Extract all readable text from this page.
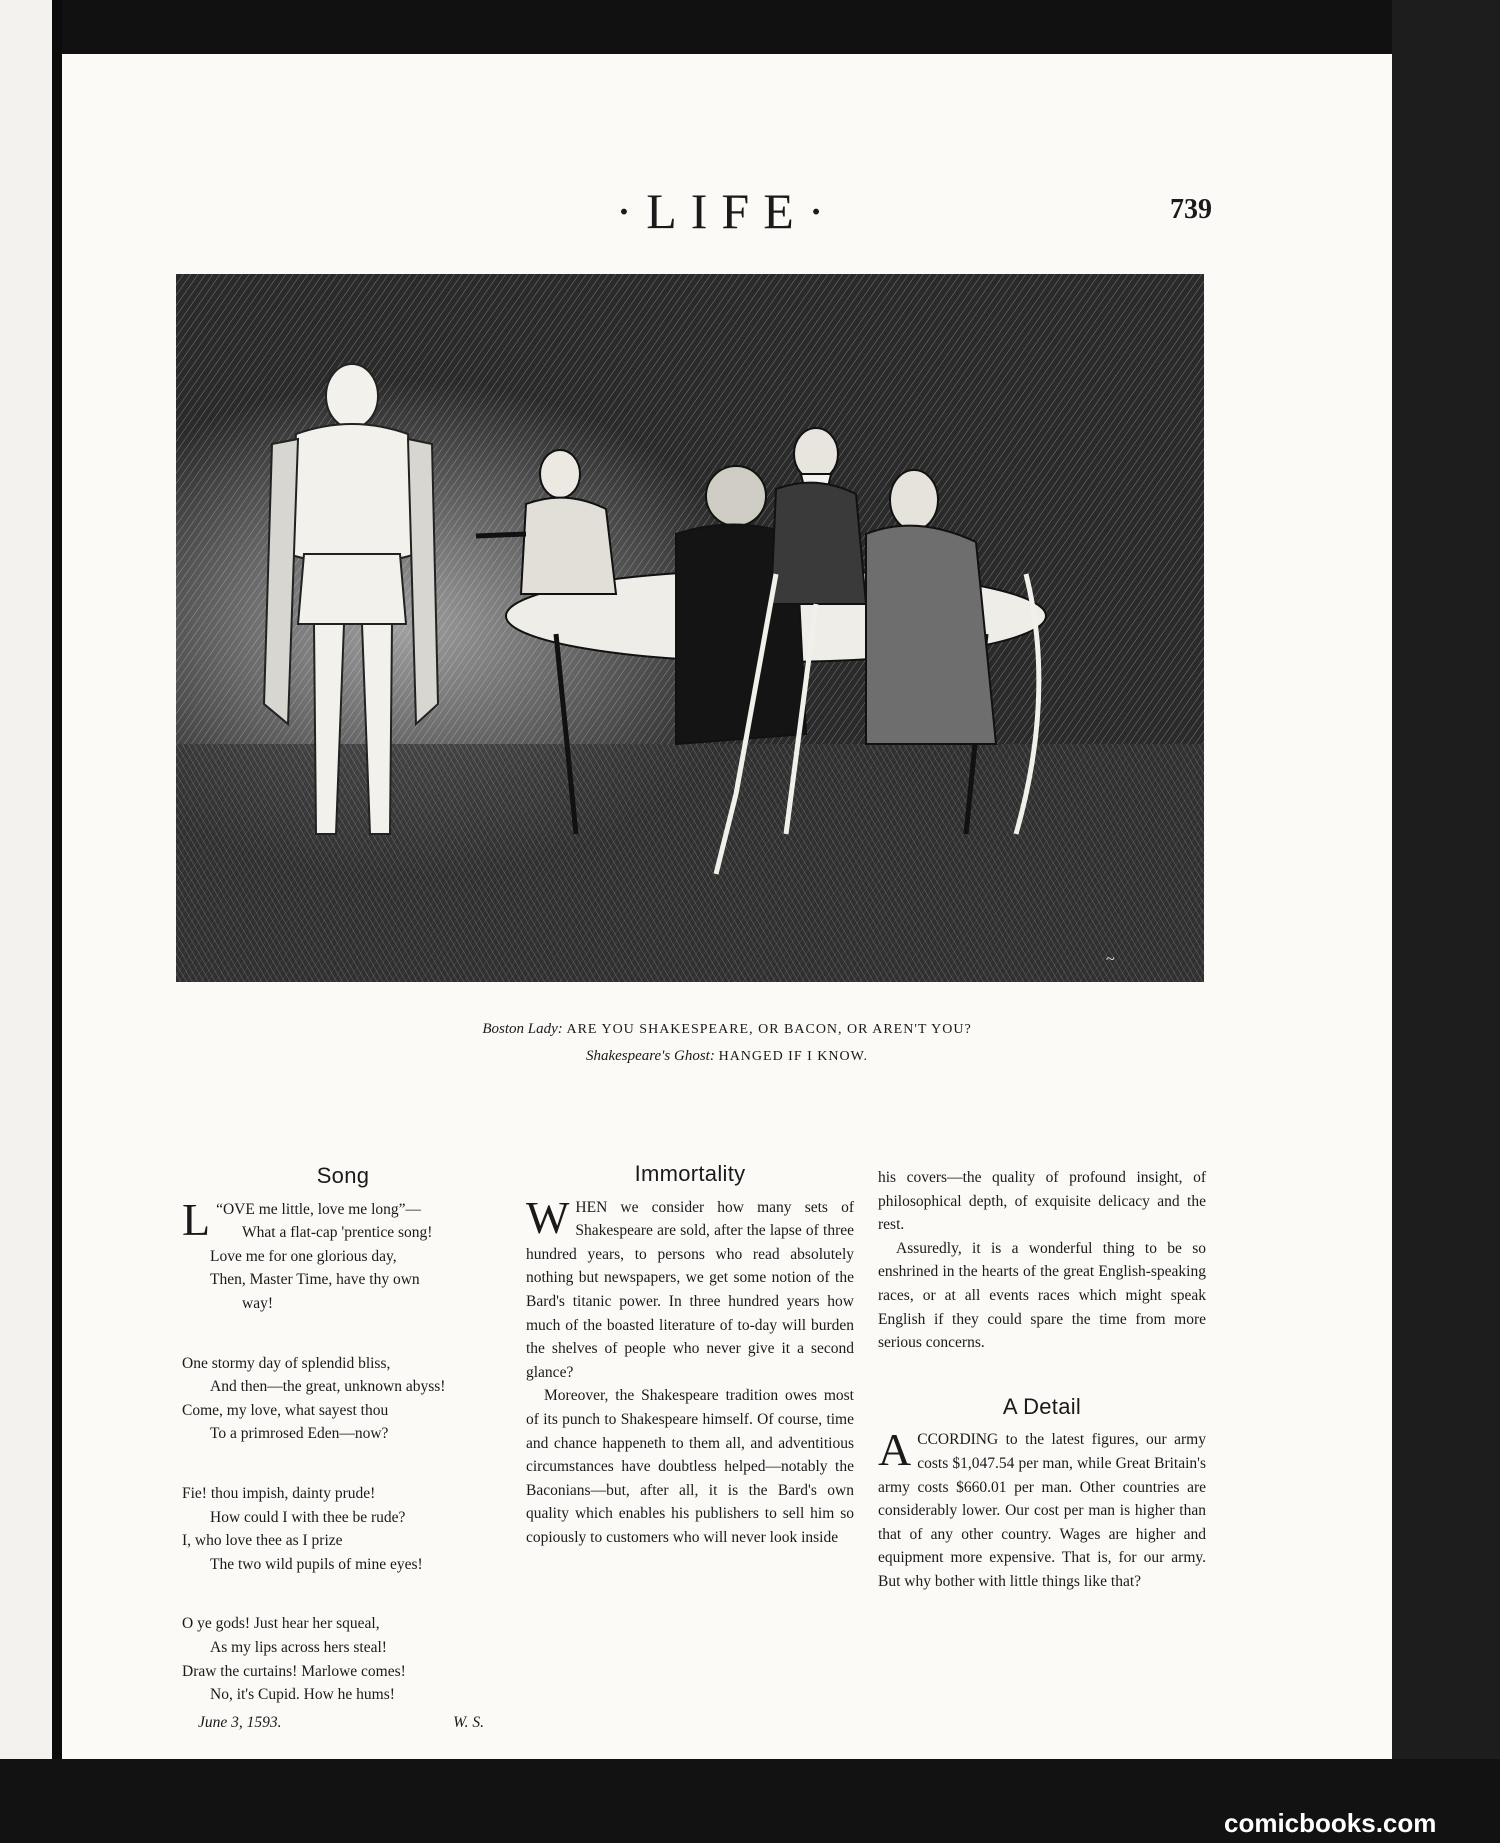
·LIFE·	739
~
Boston Lady: ARE YOU SHAKESPEARE, OR BACON, OR AREN'T YOU?
Shakespeare's Ghost: HANGED IF I KNOW.
Song
L “OVE me little, love me long”—
What a flat-cap 'prentice song!
Love me for one glorious day,
Then, Master Time, have thy own
way!
One stormy day of splendid bliss,
And then—the great, unknown abyss!
Come, my love, what sayest thou
To a primrosed Eden—now?
Fie! thou impish, dainty prude!
How could I with thee be rude?
I, who love thee as I prize
The two wild pupils of mine eyes!
O ye gods! Just hear her squeal,
As my lips across hers steal!
Draw the curtains! Marlowe comes!
No, it's Cupid. How he hums!
June 3, 1593.	W. S.
Immortality

WHEN we consider how many sets of Shakespeare are sold, after the lapse of three hundred years, to persons who read absolutely nothing but newspapers, we get some notion of the Bard's titanic power. In three hundred years how much of the boasted literature of to-day will burden the shelves of people who never give it a second glance?

Moreover, the Shakespeare tradition owes most of its punch to Shakespeare himself. Of course, time and chance happeneth to them all, and adventitious circumstances have doubtless helped—notably the Baconians—but, after all, it is the Bard's own quality which enables his publishers to sell him so copiously to customers who will never look inside

his covers—the quality of profound insight, of philosophical depth, of exquisite delicacy and the rest.

Assuredly, it is a wonderful thing to be so enshrined in the hearts of the great English-speaking races, or at all events races which might speak English if they could spare the time from more serious concerns.

A Detail

ACCORDING to the latest figures, our army costs $1,047.54 per man, while Great Britain's army costs $660.01 per man. Other countries are considerably lower. Our cost per man is higher than that of any other country. Wages are higher and equipment more expensive. That is, for our army. But why bother with little things like that?

comicbooks.com
